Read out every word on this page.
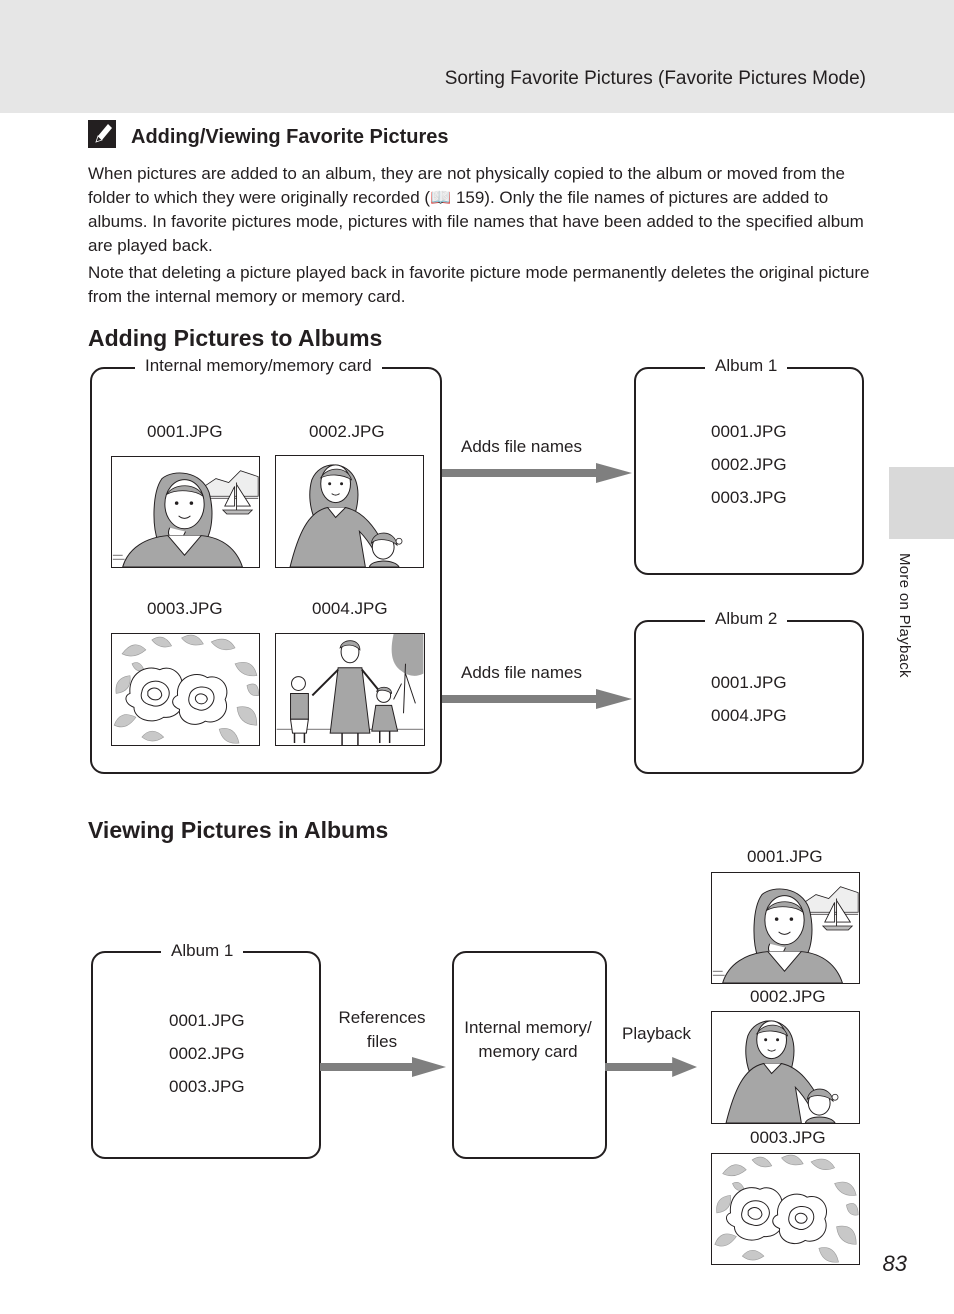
Sorting Favorite Pictures (Favorite Pictures Mode)
More on Playback
Adding/Viewing Favorite Pictures
When pictures are added to an album, they are not physically copied to the album or moved from the folder to which they were originally recorded (📖 159). Only the file names of pictures are added to albums. In favorite pictures mode, pictures with file names that have been added to the specified album are played back.
Note that deleting a picture played back in favorite picture mode permanently deletes the original picture from the internal memory or memory card.
Adding Pictures to Albums
Internal memory/memory card
0001.JPG	0002.JPG
0003.JPG	0004.JPG
Adds file names
Adds file names
Album 1
0001.JPG
0002.JPG
0003.JPG
Album 2
0001.JPG
0004.JPG
Viewing Pictures in Albums
Album 1
0001.JPG
0002.JPG
0003.JPG
References files
Internal memory/ memory card
Playback
0001.JPG
0002.JPG
0003.JPG
83
